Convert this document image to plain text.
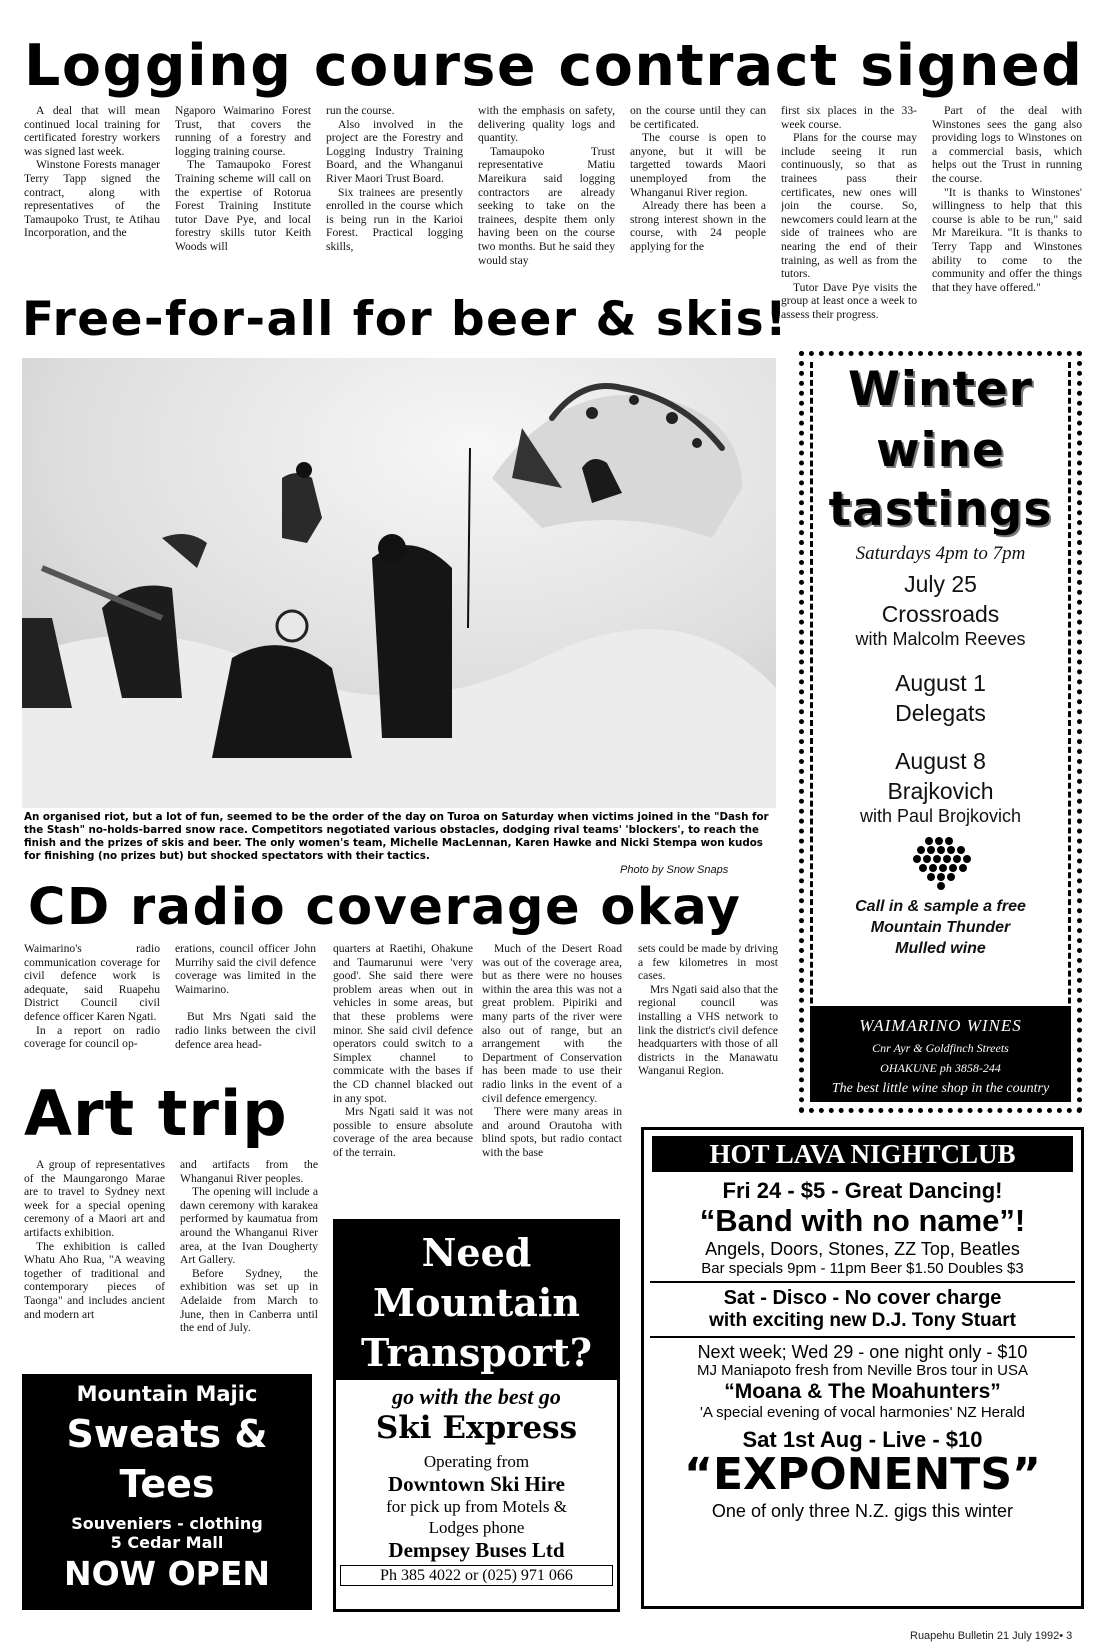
Logging course contract signed

A deal that will mean continued local training for certificated forestry workers was signed last week.

Winstone Forests manager Terry Tapp signed the contract, along with representatives of the Tamaupoko Trust, te Atihau Incorporation, and the

Ngaporo Waimarino Forest Trust, that covers the running of a forestry and logging training course.

The Tamaupoko Forest Training scheme will call on the expertise of Rotorua Forest Training Institute tutor Dave Pye, and local forestry skills tutor Keith Woods will

run the course.

Also involved in the project are the Forestry and Logging Industry Training Board, and the Whanganui River Maori Trust Board.

Six trainees are presently enrolled in the course which is being run in the Karioi Forest. Practical logging skills,

with the emphasis on safety, delivering quality logs and quantity.

Tamaupoko Trust representative Matiu Mareikura said logging contractors are already seeking to take on the trainees, despite them only having been on the course two months. But he said they would stay

on the course until they can be certificated.

The course is open to anyone, but it will be targetted towards Maori unemployed from the Whanganui River region.

Already there has been a strong interest shown in the course, with 24 people applying for the

first six places in the 33-week course.

Plans for the course may include seeing it run continuously, so that as trainees pass their certificates, new ones will join the course. So, newcomers could learn at the side of trainees who are nearing the end of their training, as well as from the tutors.

Tutor Dave Pye visits the group at least once a week to assess their progress.

Part of the deal with Winstones sees the gang also providing logs to Winstones on a commercial basis, which helps out the Trust in running the course.

"It is thanks to Winstones' willingness to help that this course is able to be run," said Mr Mareikura. "It is thanks to Terry Tapp and Winstones ability to come to the community and offer the things that they have offered."

Free-for-all for beer & skis!
An organised riot, but a lot of fun, seemed to be the order of the day on Turoa on Saturday when victims joined in the "Dash for the Stash" no-holds-barred snow race. Competitors negotiated various obstacles, dodging rival teams' 'blockers', to reach the finish and the prizes of skis and beer. The only women's team, Michelle MacLennan, Karen Hawke and Nicki Stempa won kudos for finishing (no prizes but) but shocked spectators with their tactics.
Photo by Snow Snaps
CD radio coverage okay

Waimarino's radio communication coverage for civil defence work is adequate, said Ruapehu District Council civil defence officer Karen Ngati.

In a report on radio coverage for council op-

erations, council officer John Murrihy said the civil defence coverage was limited in the Waimarino.

But Mrs Ngati said the radio links between the civil defence area head-

quarters at Raetihi, Ohakune and Taumarunui were 'very good'. She said there were problem areas when out in vehicles in some areas, but that these problems were minor. She said civil defence operators could switch to a Simplex channel to commicate with the bases if the CD channel blacked out in any spot.

Mrs Ngati said it was not possible to ensure absolute coverage of the area because of the terrain.

Much of the Desert Road was out of the coverage area, but as there were no houses within the area this was not a great problem. Pipiriki and many parts of the river were also out of range, but an arrangement with the Department of Conservation has been made to use their radio links in the event of a civil defence emergency.

There were many areas in and around Orautoha with blind spots, but radio contact with the base

sets could be made by driving a few kilometres in most cases.

Mrs Ngati said also that the regional council was installing a VHS network to link the district's civil defence headquarters with those of all districts in the Manawatu Wanganui Region.

Art trip

A group of representatives of the Maungarongo Marae are to travel to Sydney next week for a special opening ceremony of a Maori art and artifacts exhibition.

The exhibition is called Whatu Aho Rua, "A weaving together of traditional and contemporary pieces of Taonga" and includes ancient and modern art

and artifacts from the Whanganui River peoples.

The opening will include a dawn ceremony with karakea performed by kaumatua from around the Whanganui River area, at the Ivan Dougherty Art Gallery.

Before Sydney, the exhibition was set up in Adelaide from March to June, then in Canberra until the end of July.

Winter
wine
tastings
Saturdays 4pm to 7pm
July 25
Crossroads
with Malcolm Reeves
August 1
Delegats
August 8
Brajkovich
with Paul Brojkovich
Call in & sample a free
Mountain Thunder
Mulled wine
WAIMARINO WINES
Cnr Ayr & Goldfinch Streets
OHAKUNE ph 3858-244
The best little wine shop in the country
HOT LAVA NIGHTCLUB
Fri 24 - $5 - Great Dancing!
“Band with no name”!
Angels, Doors, Stones, ZZ Top, Beatles
Bar specials 9pm - 11pm Beer $1.50 Doubles $3
Sat - Disco - No cover charge
with exciting new D.J. Tony Stuart
Next week; Wed 29 - one night only - $10
MJ Maniapoto fresh from Neville Bros tour in USA
“Moana & The Moahunters”
'A special evening of vocal harmonies' NZ Herald
Sat 1st Aug - Live - $10
“EXPONENTS”
One of only three N.Z. gigs this winter
Need
Mountain
Transport?
go with the best go
Ski Express
Operating from
Downtown Ski Hire
for pick up from Motels &
Lodges phone
Dempsey Buses Ltd
Ph 385 4022 or (025) 971 066
Mountain Majic
Sweats &
Tees
Souveniers - clothing
5 Cedar Mall
NOW OPEN
Ruapehu Bulletin 21 July 1992• 3
